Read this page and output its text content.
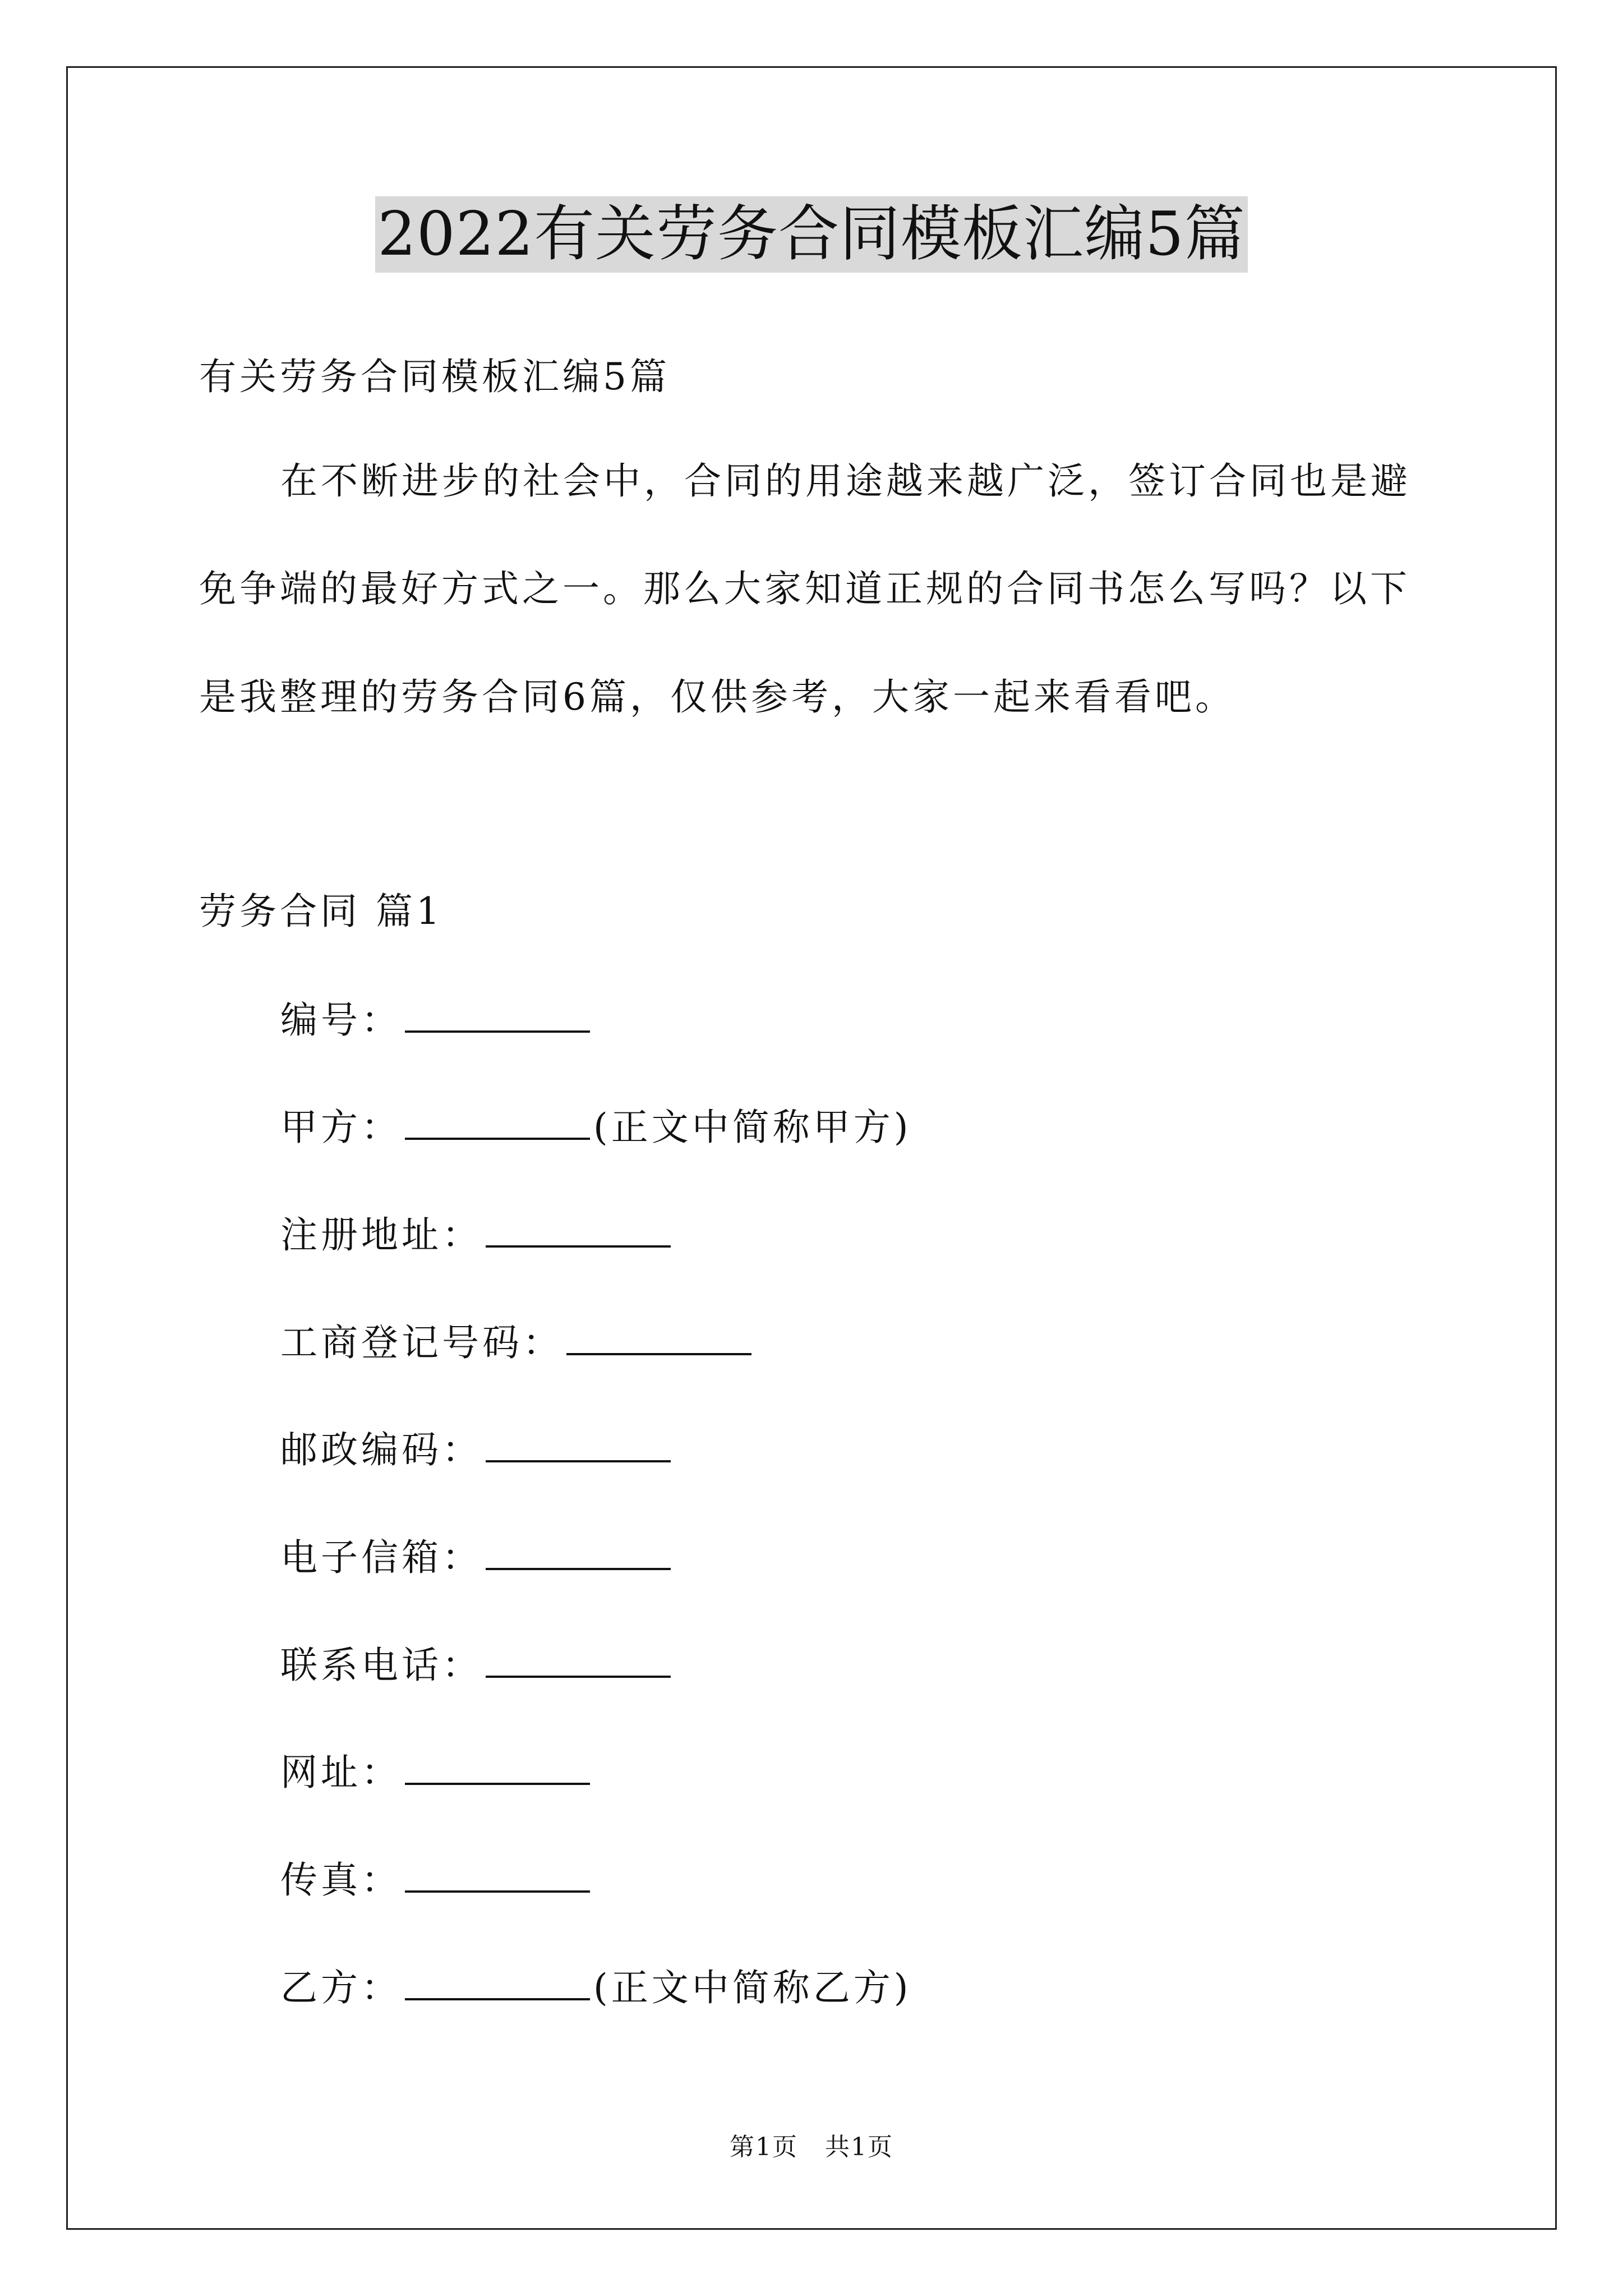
2022有关劳务合同模板汇编5篇
有关劳务合同模板汇编5篇
在不断进步的社会中，合同的用途越来越广泛，签订合同也是避
免争端的最好方式之一。那么大家知道正规的合同书怎么写吗？以下
是我整理的劳务合同6篇，仅供参考，大家一起来看看吧。
劳务合同 篇1
编号：
甲方：	(正文中简称甲方)
注册地址：
工商登记号码：
邮政编码：
电子信箱：
联系电话：
网址：
传真：
乙方：	(正文中简称乙方)
第1页 共1页
